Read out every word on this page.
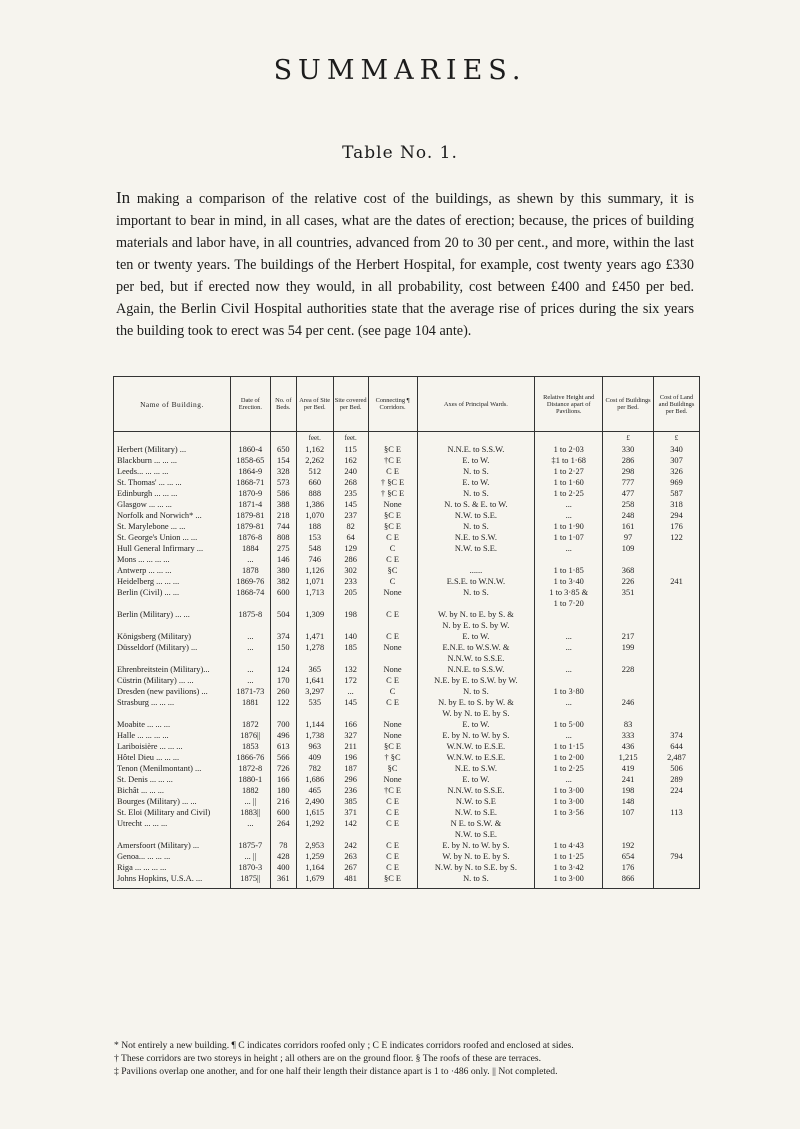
SUMMARIES.
Table No. 1.

In making a comparison of the relative cost of the buildings, as shewn by this summary, it is important to bear in mind, in all cases, what are the dates of erection; because, the prices of building materials and labor have, in all countries, advanced from 20 to 30 per cent., and more, within the last ten or twenty years. The buildings of the Herbert Hospital, for example, cost twenty years ago £330 per bed, but if erected now they would, in all probability, cost between £400 and £450 per bed. Again, the Berlin Civil Hospital authorities state that the average rise of prices during the six years the building took to erect was 54 per cent. (see page 104 ante).

Name of Building.	Date of Erection.	No. of Beds.	Area of Site per Bed.	Site covered per Bed.	Connecting ¶ Corridors.	Axes of Principal Wards.	Relative Height and Distance apart of Pavilions.	Cost of Buildings per Bed.	Cost of Land and Buildings per Bed.
			feet.	feet.				£	£
Herbert (Military) ...	1860-4	650	1,162	115	§C E	N.N.E. to S.S.W.	1 to 2·03	330	340
Blackburn ... ... ...	1858-65	154	2,262	162	†C E	E. to W.	‡1 to 1·68	286	307
Leeds... ... ... ...	1864-9	328	512	240	C E	N. to S.	1 to 2·27	298	326
St. Thomas' ... ... ...	1868-71	573	660	268	† §C E	E. to W.	1 to 1·60	777	969
Edinburgh ... ... ...	1870-9	586	888	235	† §C E	N. to S.	1 to 2·25	477	587
Glasgow ... ... ...	1871-4	388	1,386	145	None	N. to S. & E. to W.	...	258	318
Norfolk and Norwich* ...	1879-81	218	1,070	237	§C E	N.W. to S.E.	...	248	294
St. Marylebone ... ...	1879-81	744	188	82	§C E	N. to S.	1 to 1·90	161	176
St. George's Union ... ...	1876-8	808	153	64	C E	N.E. to S.W.	1 to 1·07	97	122
Hull General Infirmary ...	1884	275	548	129	C	N.W. to S.E.	...	109	
Mons ... ... ... ...	...	146	746	286	C E				
Antwerp ... ... ...	1878	380	1,126	302	§C	......	1 to 1·85	368	
Heidelberg ... ... ...	1869-76	382	1,071	233	C	E.S.E. to W.N.W.	1 to 3·40	226	241
Berlin (Civil) ... ...	1868-74	600	1,713	205	None	N. to S.	1 to 3·85 &	351	
							1 to 7·20		
Berlin (Military) ... ...	1875-8	504	1,309	198	C E	W. by N. to E. by S. &			
						N. by E. to S. by W.			
Königsberg (Military)	...	374	1,471	140	C E	E. to W.	...	217	
Düsseldorf (Military) ...	...	150	1,278	185	None	E.N.E. to W.S.W. &	...	199	
						N.N.W. to S.S.E.			
Ehrenbreitstein (Military)...	...	124	365	132	None	N.N.E. to S.S.W.	...	228	
Cüstrin (Military) ... ...	...	170	1,641	172	C E	N.E. by E. to S.W. by W.			
Dresden (new pavilions) ...	1871-73	260	3,297	...	C	N. to S.	1 to 3·80		
Strasburg ... ... ...	1881	122	535	145	C E	N. by E. to S. by W. &	...	246	
						W. by N. to E. by S.			
Moabite ... ... ...	1872	700	1,144	166	None	E. to W.	1 to 5·00	83	
Halle ... ... ... ...	1876||	496	1,738	327	None	E. by N. to W. by S.	...	333	374
Lariboisière ... ... ...	1853	613	963	211	§C E	W.N.W. to E.S.E.	1 to 1·15	436	644
Hôtel Dieu ... ... ...	1866-76	566	409	196	† §C	W.N.W. to E.S.E.	1 to 2·00	1,215	2,487
Tenon (Menilmontant) ...	1872-8	726	782	187	§C	N.E. to S.W.	1 to 2·25	419	506
St. Denis ... ... ...	1880-1	166	1,686	296	None	E. to W.	...	241	289
Bichât ... ... ...	1882	180	465	236	†C E	N.N.W. to S.S.E.	1 to 3·00	198	224
Bourges (Military) ... ...	... ||	216	2,490	385	C E	N.W. to S.E	1 to 3·00	148	
St. Eloi (Military and Civil)	1883||	600	1,615	371	C E	N.W. to S.E.	1 to 3·56	107	113
Utrecht ... ... ...	...	264	1,292	142	C E	N E. to S.W. &			
						N.W. to S.E.			
Amersfoort (Military) ...	1875-7	78	2,953	242	C E	E. by N. to W. by S.	1 to 4·43	192	
Genoa... ... ... ...	... ||	428	1,259	263	C E	W. by N. to E. by S.	1 to 1·25	654	794
Riga ... ... ... ...	1870-3	400	1,164	267	C E	N.W. by N. to S.E. by S.	1 to 3·42	176	
Johns Hopkins, U.S.A. ...	1875||	361	1,679	481	§C E	N. to S.	1 to 3·00	866	
* Not entirely a new building. ¶ C indicates corridors roofed only ; C E indicates corridors roofed and enclosed at sides.
† These corridors are two storeys in height ; all others are on the ground floor. § The roofs of these are terraces.
‡ Pavilions overlap one another, and for one half their length their distance apart is 1 to ·486 only. || Not completed.
